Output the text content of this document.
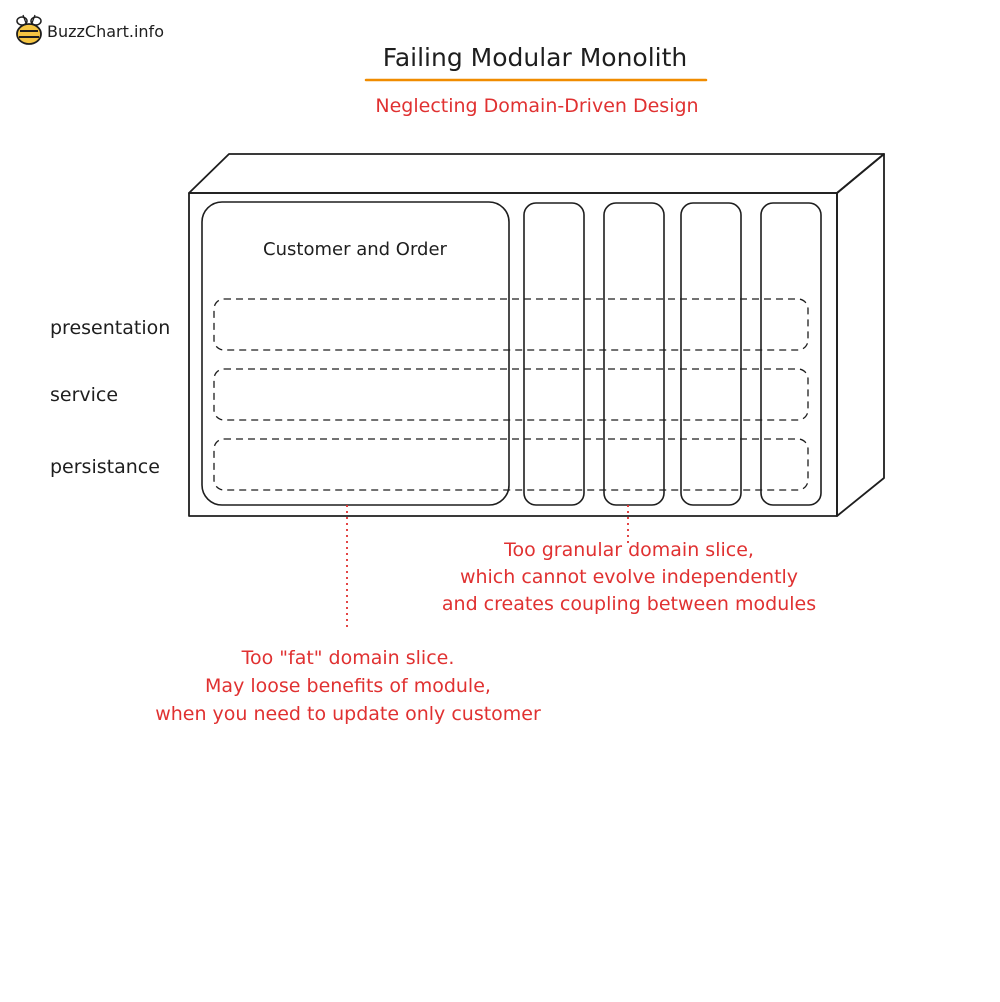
BuzzChart.info
Failing Modular Monolith
Neglecting Domain-Driven Design
Customer and Order
presentation
service
persistance
Too granular domain slice,
which cannot evolve independently
and creates coupling between modules
Too "fat" domain slice.
May loose benefits of module,
when you need to update only customer
